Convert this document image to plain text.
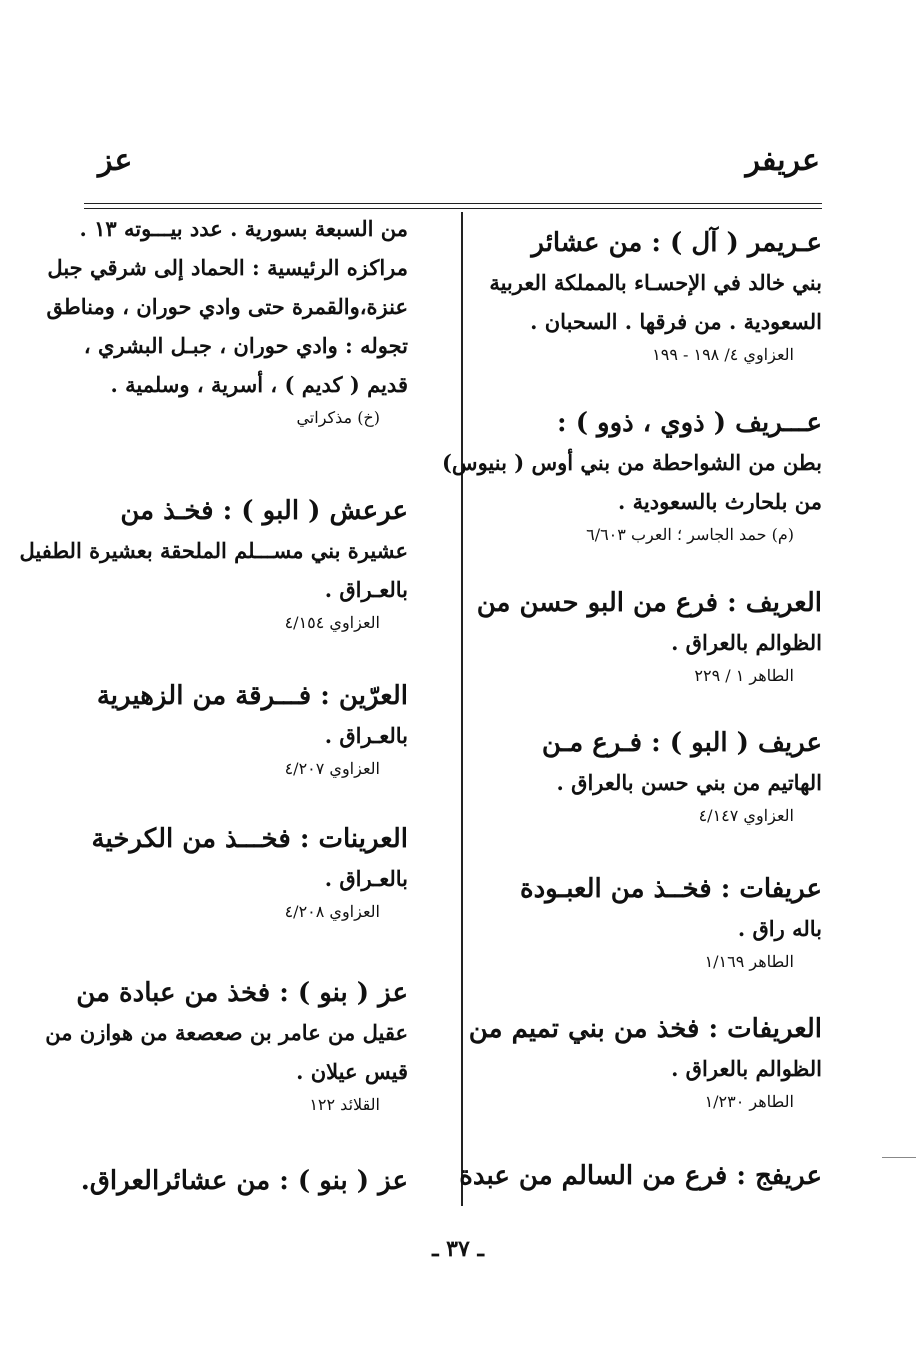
عريفر
عز
عـريمر ( آل ) : من عشائر
بني خالد في الإحسـاء بالمملكة العربية
السعودية . من فرقها . السحبان .
العزاوي ٤/ ١٩٨ - ١٩٩
عـــريف ( ذوي ، ذوو ) :
بطن من الشواحطة من بني أوس ( بنيوس)
من بلحارث بالسعودية .
(م) حمد الجاسر ؛ العرب ٦/٦٠٣
العريف : فرع من البو حسن من
الظوالم بالعراق .
الطاهر ١ / ٢٢٩
عريف ( البو ) : فـرع مـن
الهاتيم من بني حسن بالعراق .
العزاوي ٤/١٤٧
عريفات : فخــذ من العبـودة
باله راق .
الطاهر ١/١٦٩
العريفات : فخذ من بني تميم من
الظوالم بالعراق .
الطاهر ١/٢٣٠
عريفج : فرع من السالم من عبدة
من السبعة بسورية . عدد بيـــوته ١٣ .
مراكزه الرئيسية : الحماد إلى شرقي جبل
عنزة،والقمرة حتى وادي حوران ، ومناطق
تجوله : وادي حوران ، جبـل البشري ،
قديم ( كديم ) ، أسرية ، وسلمية .
(خ) مذكراتي
عرعش ( البو ) : فخـذ من
عشيرة بني مســـلم الملحقة بعشيرة الطفيل
بالعـراق .
العزاوي ٤/١٥٤
العرّين : فـــرقة من الزهيرية
بالعـراق .
العزاوي ٤/٢٠٧
العرينات : فخـــذ من الكرخية
بالعـراق .
العزاوي ٤/٢٠٨
عز ( بنو ) : فخذ من عبادة من
عقيل من عامر بن صعصعة من هوازن من
قيس عيلان .
القلائد ١٢٢
عز ( بنو ) : من عشائرالعراق.
ـ ٣٧ ـ
